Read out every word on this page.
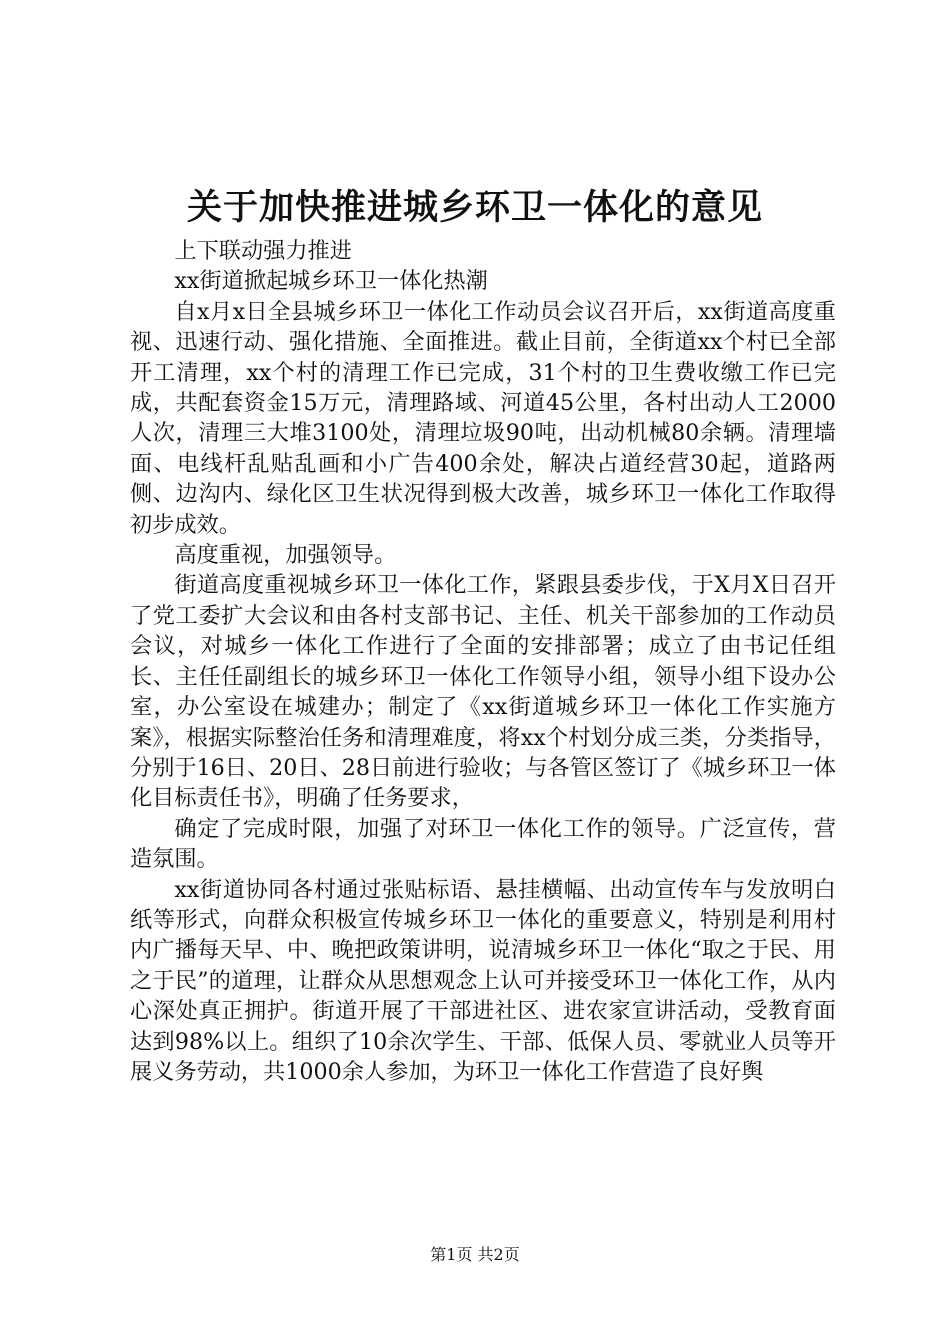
关于加快推进城乡环卫一体化的意见

上下联动强力推进

xx街道掀起城乡环卫一体化热潮

自x月x日全县城乡环卫一体化工作动员会议召开后，xx街道高度重视、迅速行动、强化措施、全面推进。截止目前，全街道xx个村已全部开工清理，xx个村的清理工作已完成，31个村的卫生费收缴工作已完成，共配套资金15万元，清理路域、河道45公里，各村出动人工2000人次，清理三大堆3100处，清理垃圾90吨，出动机械80余辆。清理墙面、电线杆乱贴乱画和小广告400余处，解决占道经营30起，道路两侧、边沟内、绿化区卫生状况得到极大改善，城乡环卫一体化工作取得初步成效。

高度重视，加强领导。

街道高度重视城乡环卫一体化工作，紧跟县委步伐，于X月X日召开了党工委扩大会议和由各村支部书记、主任、机关干部参加的工作动员会议，对城乡一体化工作进行了全面的安排部署；成立了由书记任组长、主任任副组长的城乡环卫一体化工作领导小组，领导小组下设办公室，办公室设在城建办；制定了《xx街道城乡环卫一体化工作实施方案》，根据实际整治任务和清理难度，将xx个村划分成三类，分类指导，分别于16日、20日、28日前进行验收；与各管区签订了《城乡环卫一体化目标责任书》，明确了任务要求，

确定了完成时限，加强了对环卫一体化工作的领导。广泛宣传，营造氛围。

xx街道协同各村通过张贴标语、悬挂横幅、出动宣传车与发放明白纸等形式，向群众积极宣传城乡环卫一体化的重要意义，特别是利用村内广播每天早、中、晚把政策讲明，说清城乡环卫一体化“取之于民、用之于民”的道理，让群众从思想观念上认可并接受环卫一体化工作，从内心深处真正拥护。街道开展了干部进社区、进农家宣讲活动，受教育面达到98%以上。组织了10余次学生、干部、低保人员、零就业人员等开展义务劳动，共1000余人参加，为环卫一体化工作营造了良好舆

第1页 共2页
